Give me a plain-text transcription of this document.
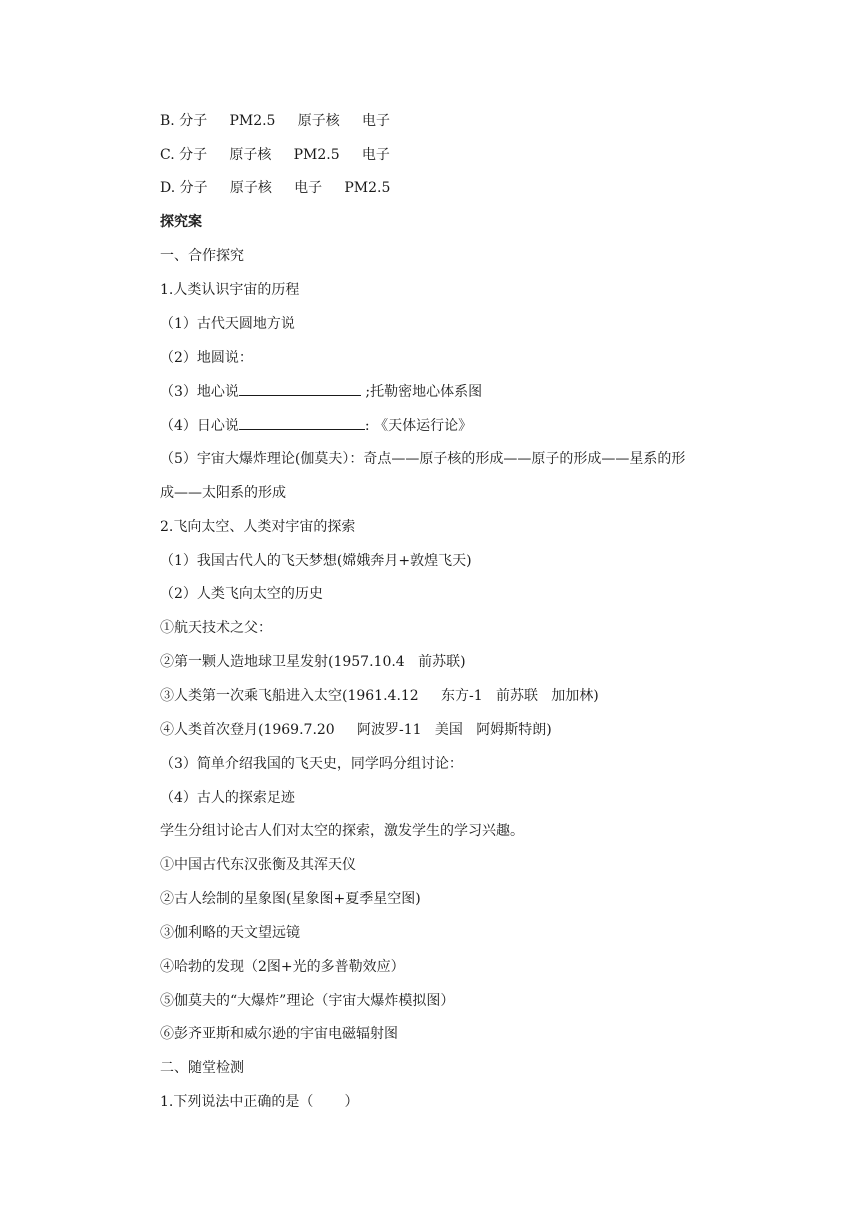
B. 分子     PM2.5     原子核     电子
C. 分子     原子核     PM2.5     电子
D. 分子     原子核     电子     PM2.5
探究案
一、合作探究
1.人类认识宇宙的历程
（1）古代天圆地方说
（2）地圆说：
（3）地心说	;托勒密地心体系图
（4）日心说	: 《天体运行论》
（5）宇宙大爆炸理论(伽莫夫）：奇点——原子核的形成——原子的形成——星系的形
成——太阳系的形成
2.飞向太空、人类对宇宙的探索
（1）我国古代人的飞天梦想(嫦娥奔月+敦煌飞天)
（2）人类飞向太空的历史
①航天技术之父：
②第一颗人造地球卫星发射(1957.10.4   前苏联)
③人类第一次乘飞船进入太空(1961.4.12     东方-1   前苏联   加加林)
④人类首次登月(1969.7.20     阿波罗-11   美国   阿姆斯特朗)
（3）简单介绍我国的飞天史，同学吗分组讨论：
（4）古人的探索足迹
学生分组讨论古人们对太空的探索，激发学生的学习兴趣。
①中国古代东汉张衡及其浑天仪
②古人绘制的星象图(星象图+夏季星空图)
③伽利略的天文望远镜
④哈勃的发现（2图+光的多普勒效应）
⑤伽莫夫的“大爆炸”理论（宇宙大爆炸模拟图）
⑥彭齐亚斯和威尔逊的宇宙电磁辐射图
二、随堂检测
1.下列说法中正确的是（       ）
